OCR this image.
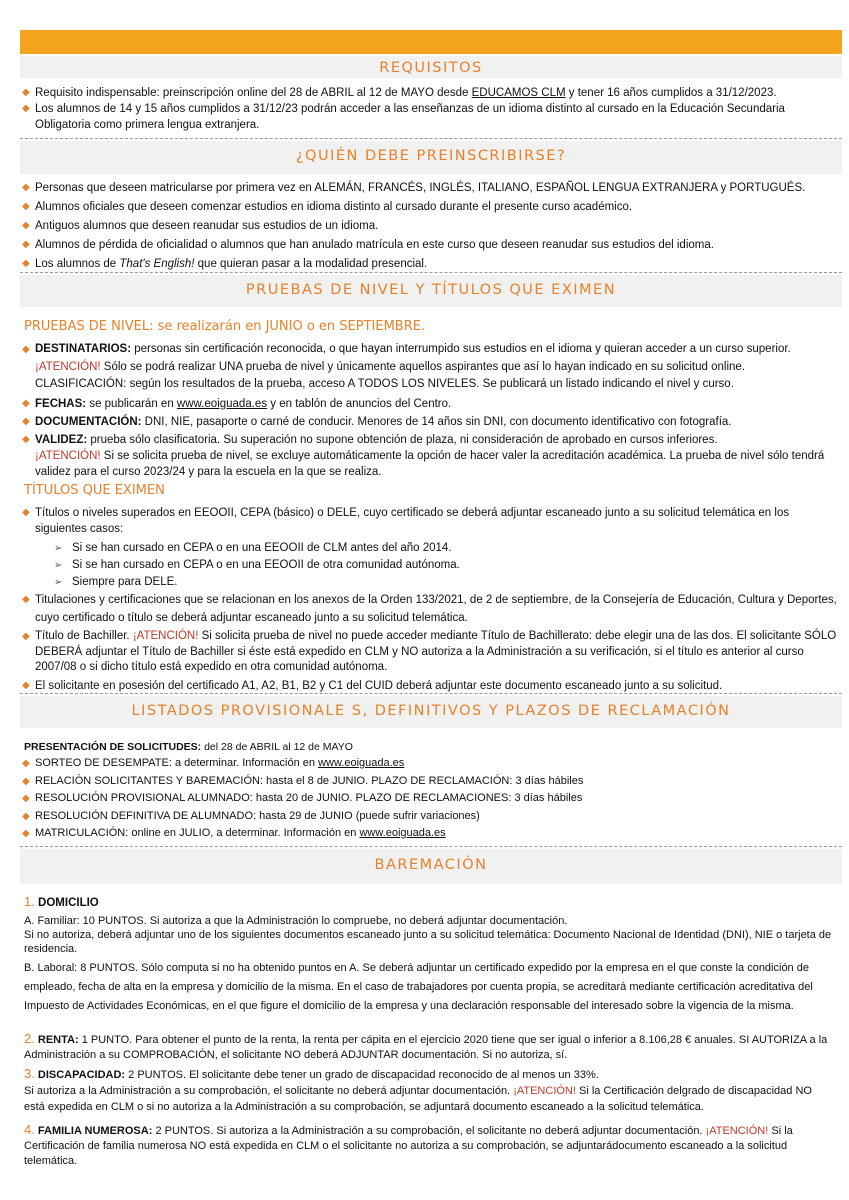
REQUISITOS
◆ Requisito indispensable: preinscripción online del 28 de ABRIL al 12 de MAYO desde EDUCAMOS CLM y tener 16 años cumplidos a 31/12/2023.
◆ Los alumnos de 14 y 15 años cumplidos a 31/12/23 podrán acceder a las enseñanzas de un idioma distinto al cursado en la Educación Secundaria Obligatoria como primera lengua extranjera.
¿QUIÉN DEBE PREINSCRIBIRSE?
◆ Personas que deseen matricularse por primera vez en ALEMÁN, FRANCÉS, INGLÉS, ITALIANO, ESPAÑOL LENGUA EXTRANJERA y PORTUGUÉS.
◆ Alumnos oficiales que deseen comenzar estudios en idioma distinto al cursado durante el presente curso académico.
◆ Antiguos alumnos que deseen reanudar sus estudios de un idioma.
◆ Alumnos de pérdida de oficialidad o alumnos que han anulado matrícula en este curso que deseen reanudar sus estudios del idioma.
◆ Los alumnos de That's English! que quieran pasar a la modalidad presencial.
PRUEBAS DE NIVEL Y TÍTULOS QUE EXIMEN
PRUEBAS DE NIVEL: se realizarán en JUNIO o en SEPTIEMBRE.
◆ DESTINATARIOS: personas sin certificación reconocida, o que hayan interrumpido sus estudios en el idioma y quieran acceder a un curso superior.
¡ATENCIÓN! Sólo se podrá realizar UNA prueba de nivel y únicamente aquellos aspirantes que así lo hayan indicado en su solicitud online.
CLASIFICACIÓN: según los resultados de la prueba, acceso A TODOS LOS NIVELES. Se publicará un listado indicando el nivel y curso.
◆ FECHAS: se publicarán en www.eoiguada.es y en tablón de anuncios del Centro.
◆ DOCUMENTACIÓN: DNI, NIE, pasaporte o carné de conducir. Menores de 14 años sin DNI, con documento identificativo con fotografía.
◆ VALIDEZ: prueba sólo clasificatoria. Su superación no supone obtención de plaza, ni consideración de aprobado en cursos inferiores.
¡ATENCIÓN! Si se solicita prueba de nivel, se excluye automáticamente la opción de hacer valer la acreditación académica. La prueba de nivel sólo tendrá validez para el curso 2023/24 y para la escuela en la que se realiza.
TÍTULOS QUE EXIMEN
◆ Títulos o niveles superados en EEOOII, CEPA (básico) o DELE, cuyo certificado se deberá adjuntar escaneado junto a su solicitud telemática en los siguientes casos:
➢ Si se han cursado en CEPA o en una EEOOII de CLM antes del año 2014.
➢ Si se han cursado en CEPA o en una EEOOII de otra comunidad autónoma.
➢ Siempre para DELE.
◆ Titulaciones y certificaciones que se relacionan en los anexos de la Orden 133/2021, de 2 de septiembre, de la Consejería de Educación, Cultura y Deportes, cuyo certificado o título se deberá adjuntar escaneado junto a su solicitud telemática.
◆ Título de Bachiller. ¡ATENCIÓN! Si solicita prueba de nivel no puede acceder mediante Título de Bachillerato: debe elegir una de las dos. El solicitante SÓLO DEBERÁ adjuntar el Título de Bachiller si éste está expedido en CLM y NO autoriza a la Administración a su verificación, si el título es anterior al curso 2007/08 o si dicho título está expedido en otra comunidad autónoma.
◆ El solicitante en posesión del certificado A1, A2, B1, B2 y C1 del CUID deberá adjuntar este documento escaneado junto a su solicitud.
LISTADOS PROVISIONALE S, DEFINITIVOS Y PLAZOS DE RECLAMACIÓN
PRESENTACIÓN DE SOLICITUDES: del 28 de ABRIL al 12 de MAYO
◆ SORTEO DE DESEMPATE: a determinar. Información en www.eoiguada.es
◆ RELACIÓN SOLICITANTES Y BAREMACIÓN: hasta el 8 de JUNIO. PLAZO DE RECLAMACIÓN: 3 días hábiles
◆ RESOLUCIÓN PROVISIONAL ALUMNADO: hasta 20 de JUNIO. PLAZO DE RECLAMACIONES: 3 días hábiles
◆ RESOLUCIÓN DEFINITIVA DE ALUMNADO: hasta 29 de JUNIO (puede sufrir variaciones)
◆ MATRICULACIÓN: online en JULIO, a determinar. Información en www.eoiguada.es
BAREMACIÓN
1. DOMICILIO
A. Familiar: 10 PUNTOS. Si autoriza a que la Administración lo compruebe, no deberá adjuntar documentación.
Si no autoriza, deberá adjuntar uno de los siguientes documentos escaneado junto a su solicitud telemática: Documento Nacional de Identidad (DNI), NIE o tarjeta de residencia.
B. Laboral: 8 PUNTOS. Sólo computa si no ha obtenido puntos en A. Se deberá adjuntar un certificado expedido por la empresa en el que conste la condición de empleado, fecha de alta en la empresa y domicilio de la misma. En el caso de trabajadores por cuenta propia, se acreditará mediante certificación acreditativa del Impuesto de Actividades Económicas, en el que figure el domicilio de la empresa y una declaración responsable del interesado sobre la vigencia de la misma.
2. RENTA: 1 PUNTO. Para obtener el punto de la renta, la renta per cápita en el ejercicio 2020 tiene que ser igual o inferior a 8.106,28 € anuales. SI AUTORIZA a la Administración a su COMPROBACIÓN, el solicitante NO deberá ADJUNTAR documentación. Si no autoriza, sí.
3. DISCAPACIDAD: 2 PUNTOS. El solicitante debe tener un grado de discapacidad reconocido de al menos un 33%.
Si autoriza a la Administración a su comprobación, el solicitante no deberá adjuntar documentación. ¡ATENCIÓN! Si la Certificación delgrado de discapacidad NO está expedida en CLM o si no autoriza a la Administración a su comprobación, se adjuntará documento escaneado a la solicitud telemática.
4. FAMILIA NUMEROSA: 2 PUNTOS. Si autoriza a la Administración a su comprobación, el solicitante no deberá adjuntar documentación. ¡ATENCIÓN! Si la Certificación de familia numerosa NO está expedida en CLM o el solicitante no autoriza a su comprobación, se adjuntarádocumento escaneado a la solicitud telemática.
